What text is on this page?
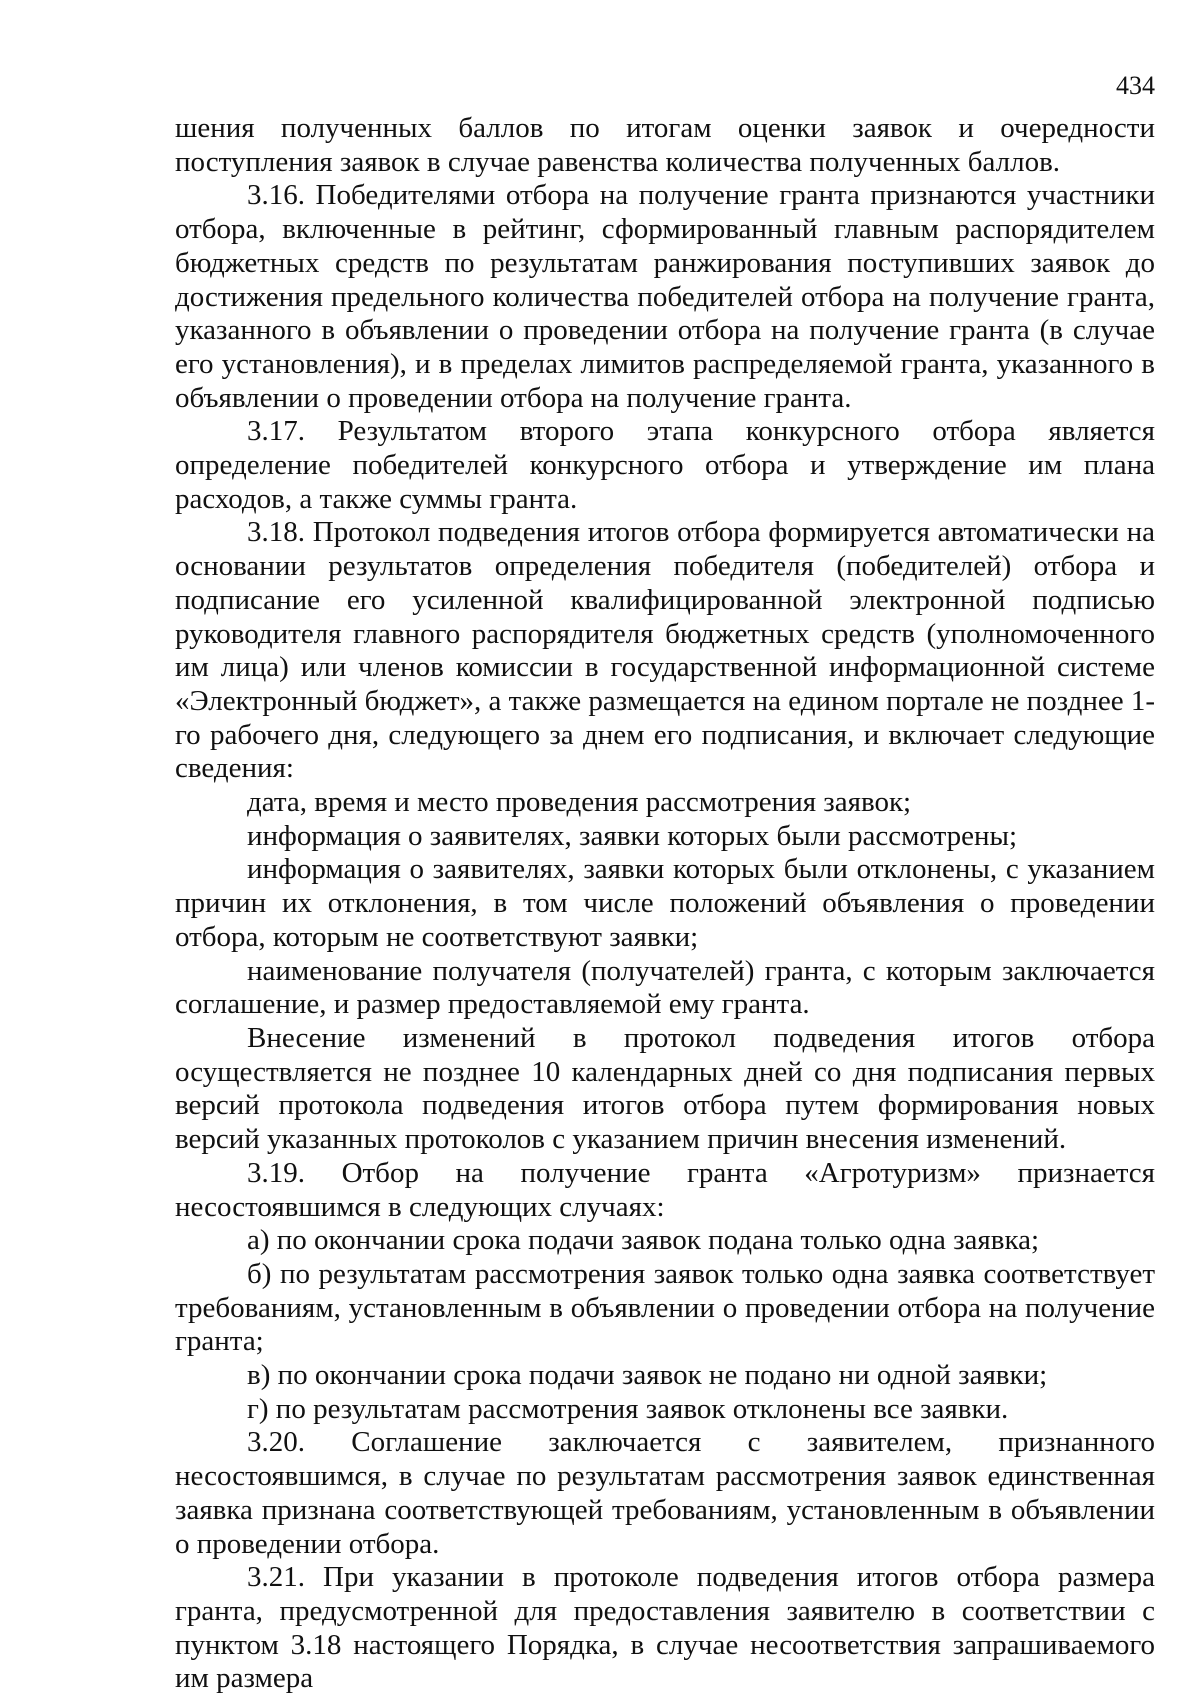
434

шения полученных баллов по итогам оценки заявок и очередности поступления заявок в случае равенства количества полученных баллов.

3.16. Победителями отбора на получение гранта признаются участники отбора, включенные в рейтинг, сформированный главным распорядителем бюджетных средств по результатам ранжирования поступивших заявок до достижения предельного количества победителей отбора на получение гранта, указанного в объявлении о проведении отбора на получение гранта (в случае его установления), и в пределах лимитов распределяемой гранта, указанного в объявлении о проведении отбора на получение гранта.

3.17. Результатом второго этапа конкурсного отбора является определение победителей конкурсного отбора и утверждение им плана расходов, а также суммы гранта.

3.18. Протокол подведения итогов отбора формируется автоматически на основании результатов определения победителя (победителей) отбора и подписание его усиленной квалифицированной электронной подписью руководителя главного распорядителя бюджетных средств (уполномоченного им лица) или членов комиссии в государственной информационной системе «Электронный бюджет», а также размещается на едином портале не позднее 1-го рабочего дня, следующего за днем его подписания, и включает следующие сведения:

дата, время и место проведения рассмотрения заявок;

информация о заявителях, заявки которых были рассмотрены;

информация о заявителях, заявки которых были отклонены, с указанием причин их отклонения, в том числе положений объявления о проведении отбора, которым не соответствуют заявки;

наименование получателя (получателей) гранта, с которым заключается соглашение, и размер предоставляемой ему гранта.

Внесение изменений в протокол подведения итогов отбора осуществляется не позднее 10 календарных дней со дня подписания первых версий протокола подведения итогов отбора путем формирования новых версий указанных протоколов с указанием причин внесения изменений.

3.19. Отбор на получение гранта «Агротуризм» признается несостоявшимся в следующих случаях:

а) по окончании срока подачи заявок подана только одна заявка;

б) по результатам рассмотрения заявок только одна заявка соответствует требованиям, установленным в объявлении о проведении отбора на получение гранта;

в) по окончании срока подачи заявок не подано ни одной заявки;

г) по результатам рассмотрения заявок отклонены все заявки.

3.20. Соглашение заключается с заявителем, признанного несостоявшимся, в случае по результатам рассмотрения заявок единственная заявка признана соответствующей требованиям, установленным в объявлении о проведении отбора.

3.21. При указании в протоколе подведения итогов отбора размера гранта, предусмотренной для предоставления заявителю в соответствии с пунктом 3.18 настоящего Порядка, в случае несоответствия запрашиваемого им размера
